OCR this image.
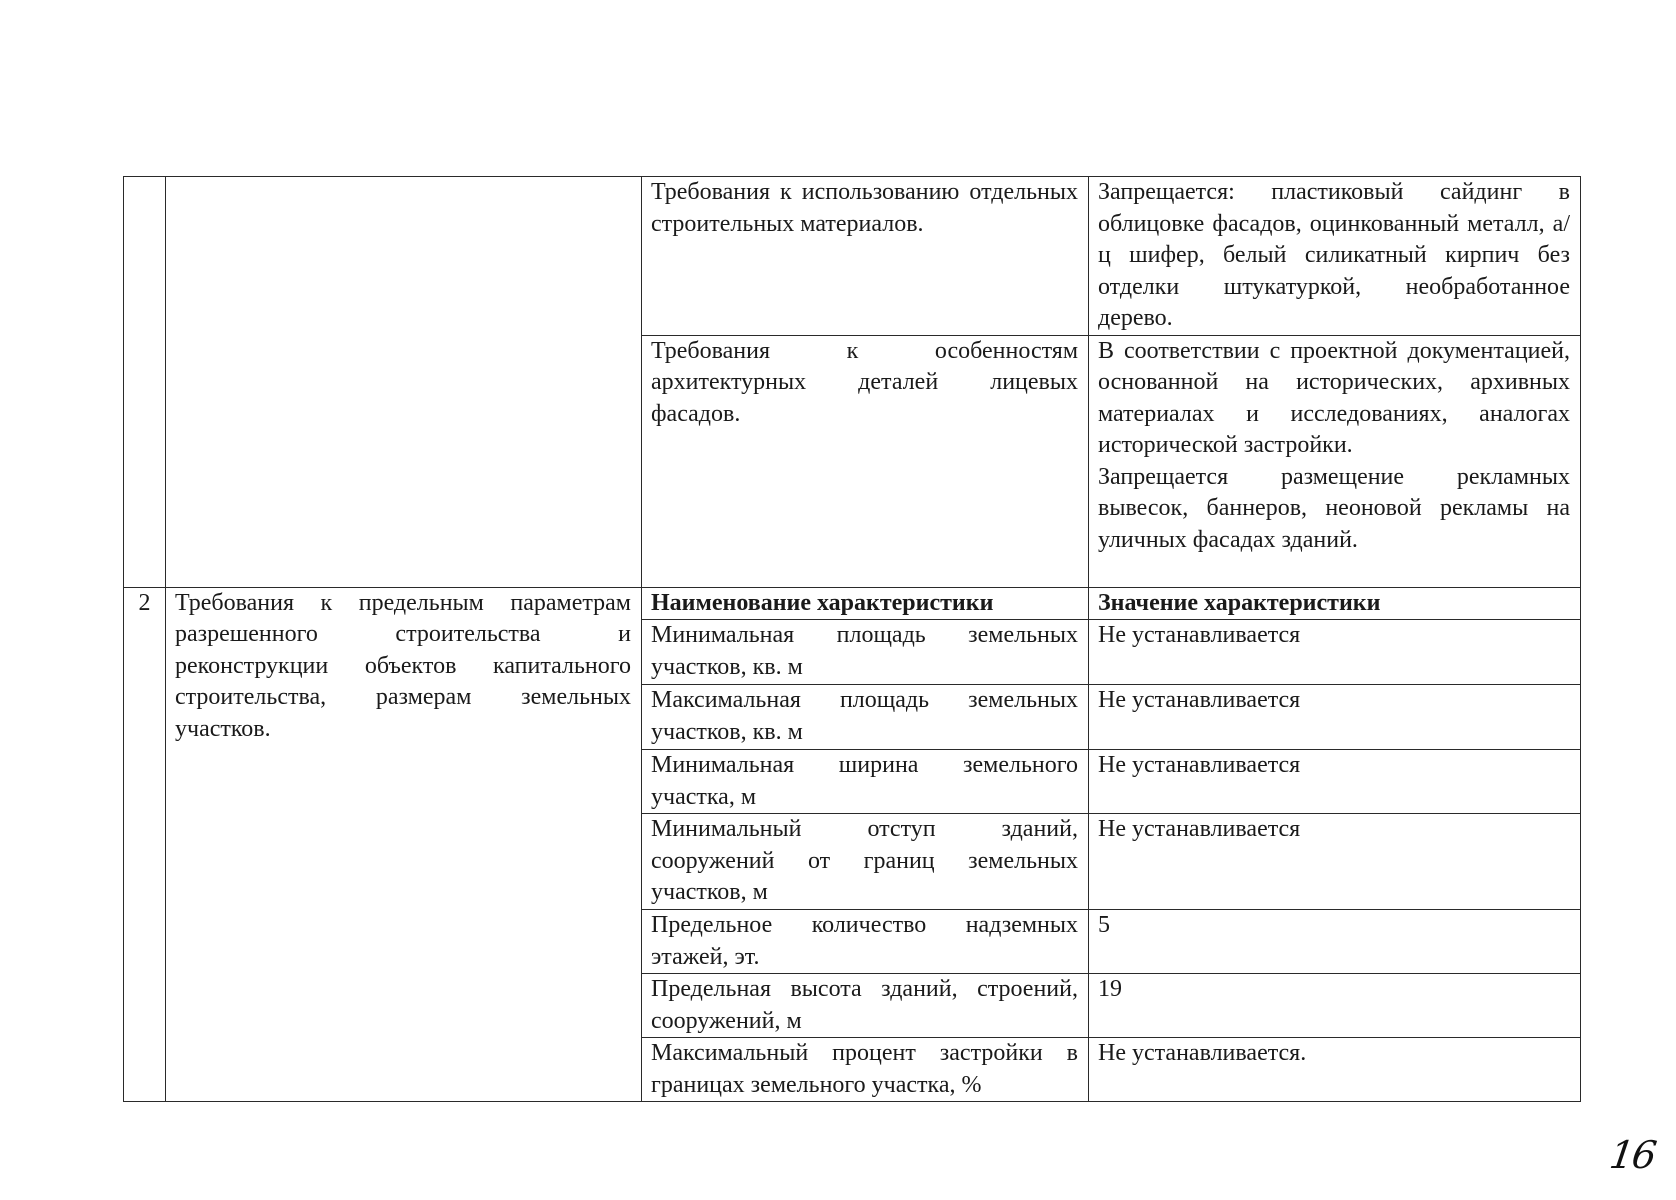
		Требования к использованию отдельных строительных материалов.	Запрещается: пластиковый сайдинг в облицовке фасадов, оцинкованный металл, а/ц шифер, белый силикатный кирпич без отделки штукатуркой, необработанное дерево.
		Требования к особенностям архитектурных деталей лицевых фасадов.	В соответствии с проектной документацией, основанной на исторических, архивных материалах и исследованиях, аналогах исторической застройки.
Запрещается размещение рекламных вывесок, баннеров, неоновой рекламы на уличных фасадах зданий.

2	Требования к предельным параметрам разрешенного строительства и реконструкции объектов капитального строительства, размерам земельных участков.	Наименование характеристики	Значение характеристики
		Минимальная площадь земельных участков, кв. м	Не устанавливается
		Максимальная площадь земельных участков, кв. м	Не устанавливается
		Минимальная ширина земельного участка, м	Не устанавливается
		Минимальный отступ зданий, сооружений от границ земельных участков, м	Не устанавливается
		Предельное количество надземных этажей, эт.	5
		Предельная высота зданий, строений, сооружений, м	19
		Максимальный процент застройки в границах земельного участка, %	Не устанавливается.
16
